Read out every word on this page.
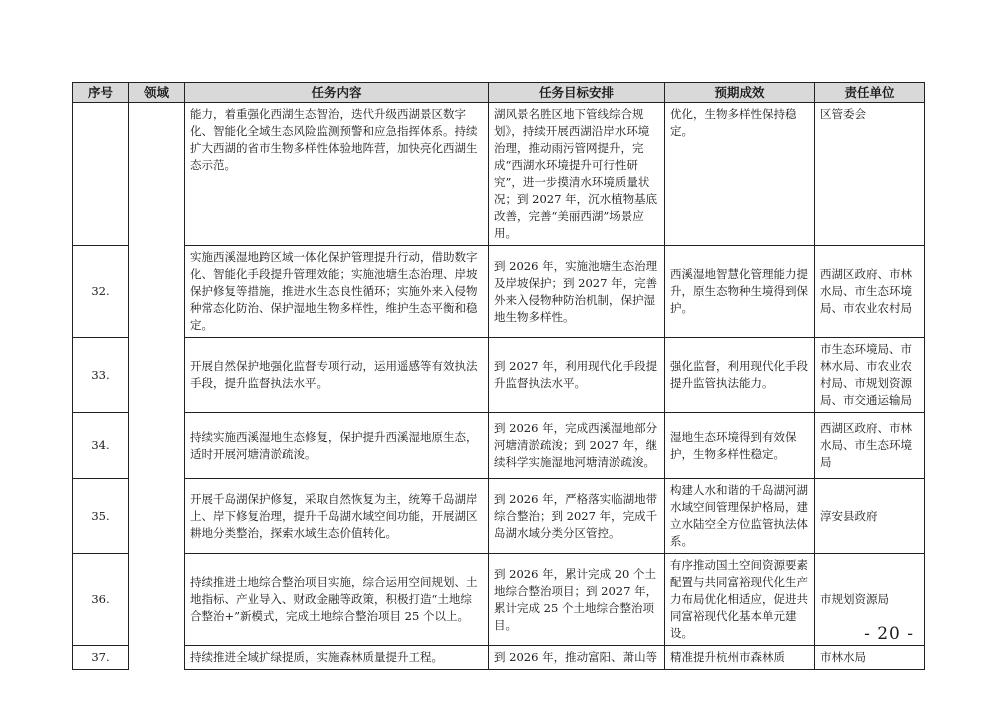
序号	领域	任务内容	任务目标安排	预期成效	责任单位
		能力，着重强化西湖生态智治，迭代升级西湖景区数字化、智能化全域生态风险监测预警和应急指挥体系。持续扩大西湖的省市生物多样性体验地阵营，加快亮化西湖生态示范。	湖风景名胜区地下管线综合规划》，持续开展西湖沿岸水环境治理，推动雨污管网提升，完成“西湖水环境提升可行性研究”，进一步摸清水环境质量状况；到 2027 年，沉水植物基底改善，完善“美丽西湖”场景应用。	优化，生物多样性保持稳定。	区管委会
32.		实施西溪湿地跨区域一体化保护管理提升行动，借助数字化、智能化手段提升管理效能；实施池塘生态治理、岸坡保护修复等措施，推进水生态良性循环；实施外来入侵物种常态化防治、保护湿地生物多样性，维护生态平衡和稳定。	到 2026 年，实施池塘生态治理及岸坡保护；到 2027 年，完善外来入侵物种防治机制，保护湿地生物多样性。	西溪湿地智慧化管理能力提升，原生态物种生境得到保护。	西湖区政府、市林水局、市生态环境局、市农业农村局
33.		开展自然保护地强化监督专项行动，运用遥感等有效执法手段，提升监督执法水平。	到 2027 年，利用现代化手段提升监督执法水平。	强化监督，利用现代化手段提升监管执法能力。	市生态环境局、市林水局、市农业农村局、市规划资源局、市交通运输局
34.		持续实施西溪湿地生态修复，保护提升西溪湿地原生态，适时开展河塘清淤疏浚。	到 2026 年，完成西溪湿地部分河塘清淤疏浚；到 2027 年，继续科学实施湿地河塘清淤疏浚。	湿地生态环境得到有效保护，生物多样性稳定。	西湖区政府、市林水局、市生态环境局
35.		开展千岛湖保护修复，采取自然恢复为主，统筹千岛湖岸上、岸下修复治理，提升千岛湖水域空间功能，开展湖区耕地分类整治，探索水域生态价值转化。	到 2026 年，严格落实临湖地带综合整治；到 2027 年，完成千岛湖水域分类分区管控。	构建人水和谐的千岛湖河湖水域空间管理保护格局，建立水陆空全方位监管执法体系。	淳安县政府
36.		持续推进土地综合整治项目实施，综合运用空间规划、土地指标、产业导入、财政金融等政策，积极打造“土地综合整治+”新模式，完成土地综合整治项目 25 个以上。	到 2026 年，累计完成 20 个土地综合整治项目；到 2027 年，累计完成 25 个土地综合整治项目。	有序推动国土空间资源要素配置与共同富裕现代化生产力布局优化相适应，促进共同富裕现代化基本单元建设。	市规划资源局
37.		持续推进全域扩绿提质，实施森林质量提升工程。	到 2026 年，推动富阳、萧山等	精准提升杭州市森林质	市林水局
- 20 -
